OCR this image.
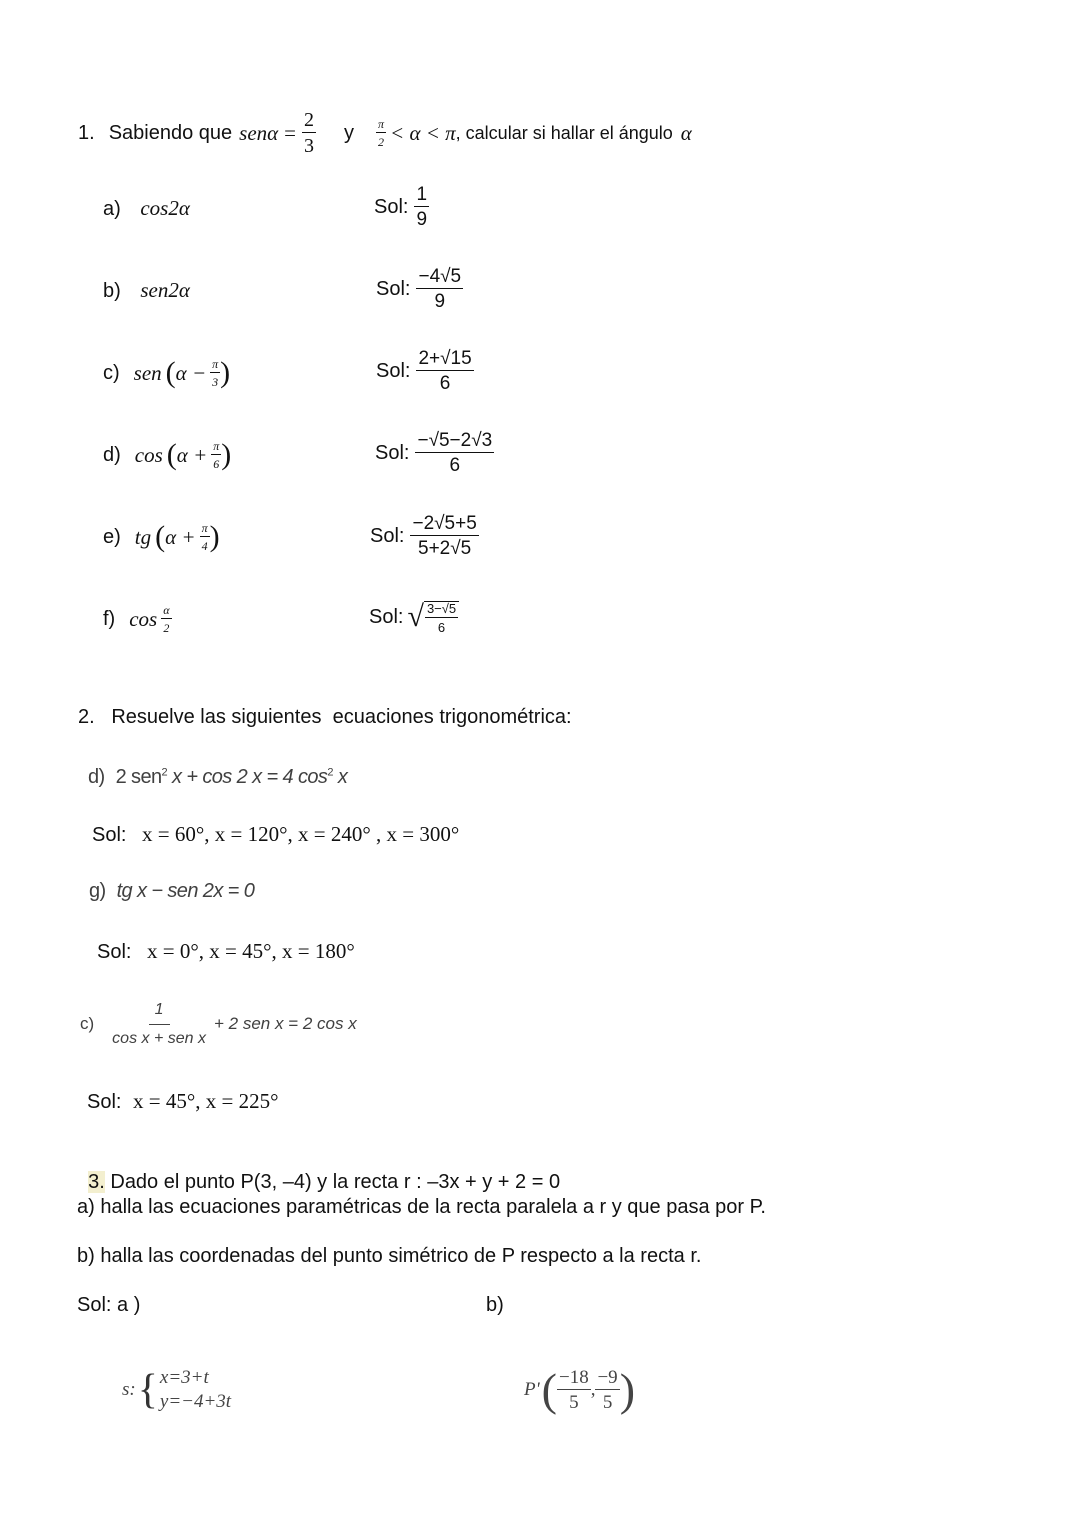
1. Sabiendo que $sen\alpha = \frac{2}{3}$ y $\frac{\pi}{2} < \alpha < \pi$ , calcular si hallar el ángulo α
a) cos2α	Sol: $\frac{1}{9}$
b) sen2α	Sol: $\frac{-4√5}{9}$
c) sen ( $\alpha - \frac{\pi}{3}$ )	Sol: $\frac{2+√15}{6}$
d) cos ( $\alpha + \frac{\pi}{6}$ )	Sol: $\frac{-√5-2√3}{6}$
e) tg ( $\alpha + \frac{\pi}{4}$ )	Sol: $\frac{-2√5+5}{5+2√5}$
f) $\cos \frac{\alpha}{2}$	Sol: √ $\frac{3-√5}{6}$
2.   Resuelve las siguientes  ecuaciones trigonométrica:
d) 2 sen$^2$ x + cos 2 x = 4 $\cos^2 x$
Sol: x = 60°, x = 120°, x = 240° , x = 300°
g) tg x − sen 2x = 0
Sol: x = 0°, x = 45°, x = 180°
$c) \frac{1}{\text{cos x + sen x}} + 2$ sen x = 2 cos x
Sol: x = 45°, x = 225°

3. Dado el punto P(3, –4) y la recta r : –3x + y + 2 = 0

a) halla las ecuaciones paramétricas de la recta paralela a r y que pasa por P.
b) halla las coordenadas del punto simétrico de P respecto a la recta r.
Sol: a )	b)
s: { x=3+t
y=−4+3t
P' ( $\frac{-18}{5}$ , $\frac{-9}{5}$ )
